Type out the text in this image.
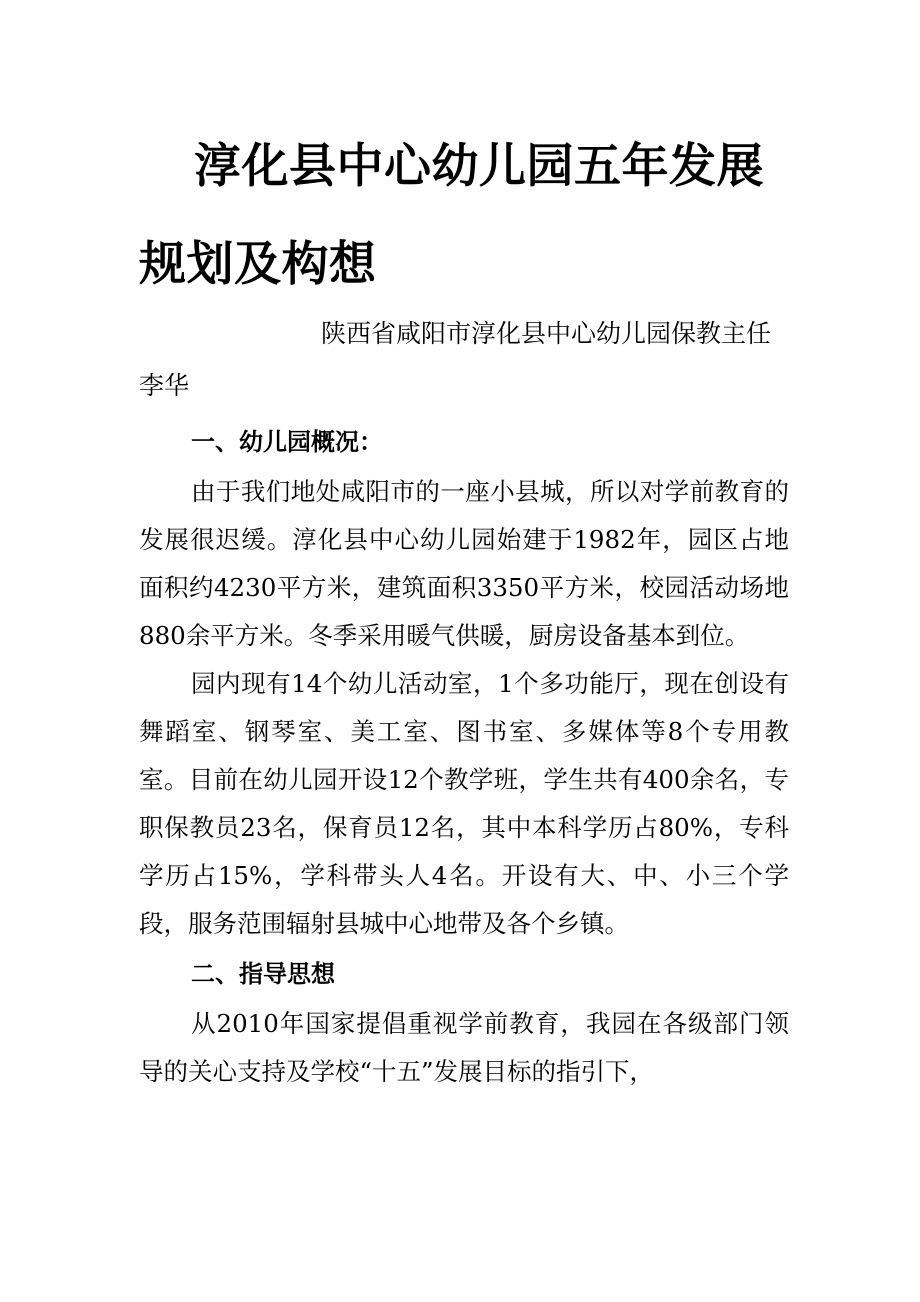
淳化县中心幼儿园五年发展规划及构想
陕西省咸阳市淳化县中心幼儿园保教主任李华
一、幼儿园概况：

由于我们地处咸阳市的一座小县城，所以对学前教育的发展很迟缓。淳化县中心幼儿园始建于1982年，园区占地面积约4230平方米，建筑面积3350平方米，校园活动场地880余平方米。冬季采用暖气供暖，厨房设备基本到位。

园内现有14个幼儿活动室，1个多功能厅，现在创设有舞蹈室、钢琴室、美工室、图书室、多媒体等8个专用教室。目前在幼儿园开设12个教学班，学生共有400余名，专职保教员23名，保育员12名，其中本科学历占80%，专科学历占15%，学科带头人4名。开设有大、中、小三个学段，服务范围辐射县城中心地带及各个乡镇。

二、指导思想

从2010年国家提倡重视学前教育，我园在各级部门领导的关心支持及学校“十五”发展目标的指引下，
